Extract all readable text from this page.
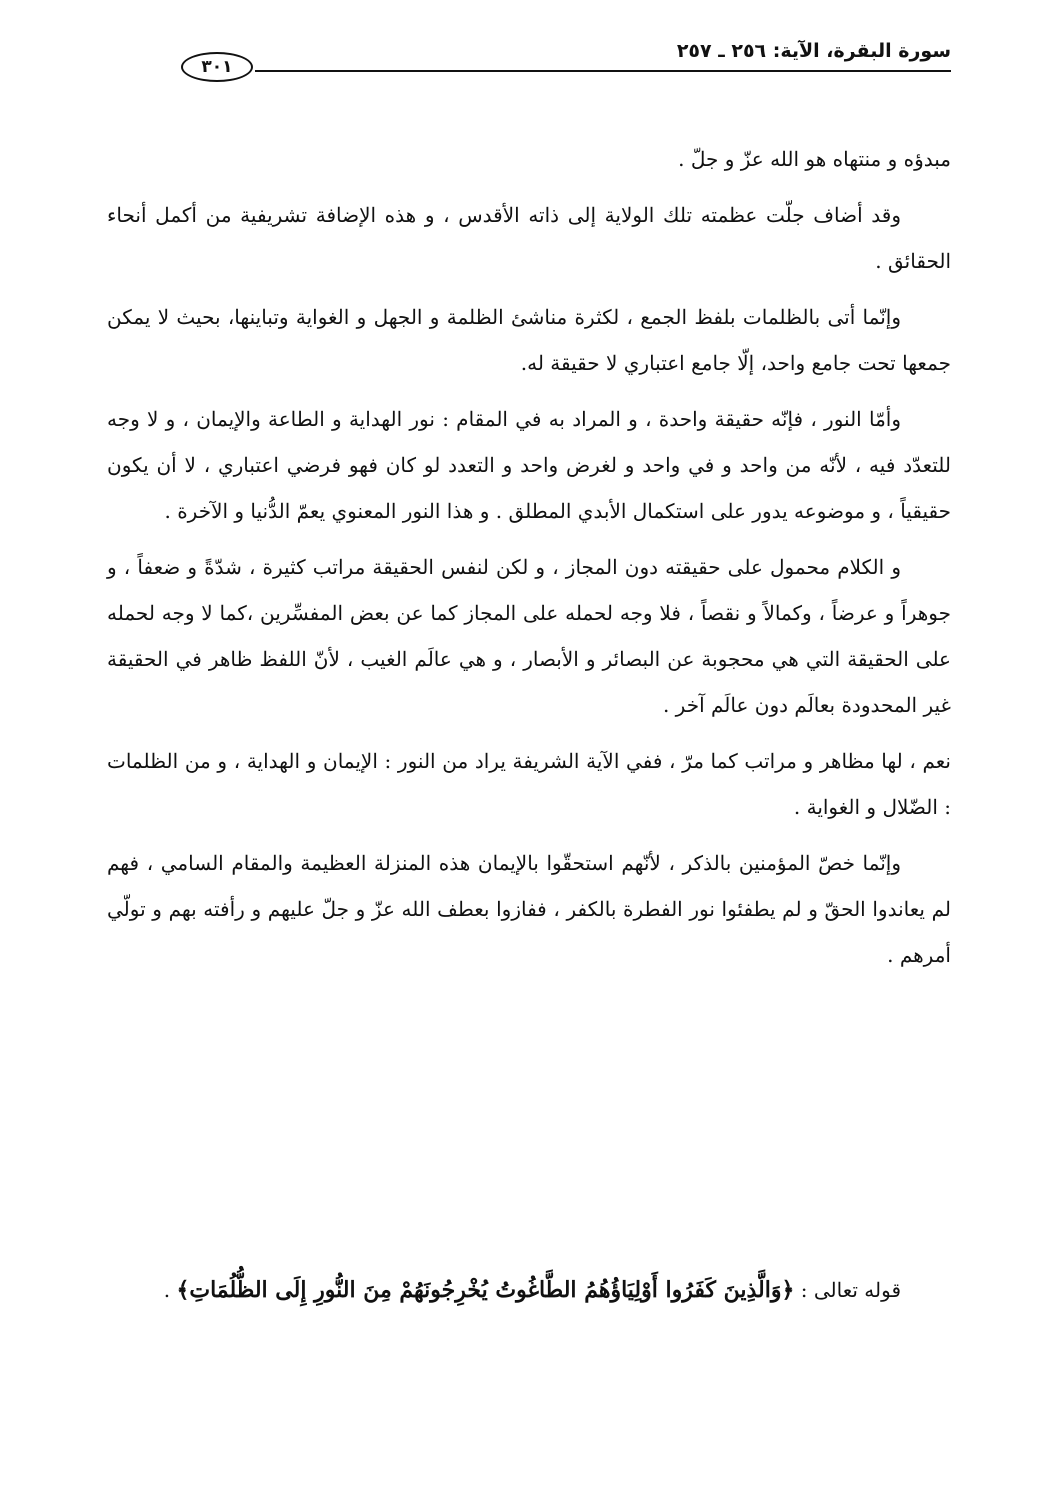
سورة البقرة، الآية: ٢٥٦ ـ ٢٥٧
٣٠١

مبدؤه و منتهاه هو الله عزّ و جلّ .

وقد أضاف جلّت عظمته تلك الولاية إلى ذاته الأقدس ، و هذه الإضافة تشريفية من أكمل أنحاء الحقائق .

وإنّما أتى بالظلمات بلفظ الجمع ، لكثرة مناشئ الظلمة و الجهل و الغواية وتباينها، بحيث لا يمكن جمعها تحت جامع واحد، إلّا جامع اعتباري لا حقيقة له.

وأمّا النور ، فإنّه حقيقة واحدة ، و المراد به في المقام : نور الهداية و الطاعة والإيمان ، و لا وجه للتعدّد فيه ، لأنّه من واحد و في واحد و لغرض واحد و التعدد لو كان فهو فرضي اعتباري ، لا أن يكون حقيقياً ، و موضوعه يدور على استكمال الأبدي المطلق . و هذا النور المعنوي يعمّ الدُّنيا و الآخرة .

و الكلام محمول على حقيقته دون المجاز ، و لكن لنفس الحقيقة مراتب كثيرة ، شدّةً و ضعفاً ، و جوهراً و عرضاً ، وكمالاً و نقصاً ، فلا وجه لحمله على المجاز كما عن بعض المفسِّرين ،كما لا وجه لحمله على الحقيقة التي هي محجوبة عن البصائر و الأبصار ، و هي عالَم الغيب ، لأنّ اللفظ ظاهر في الحقيقة غير المحدودة بعالَم دون عالَم آخر .

نعم ، لها مظاهر و مراتب كما مرّ ، ففي الآية الشريفة يراد من النور : الإيمان و الهداية ، و من الظلمات : الضّلال و الغواية .

وإنّما خصّ المؤمنين بالذكر ، لأنّهم استحقّوا بالإيمان هذه المنزلة العظيمة والمقام السامي ، فهم لم يعاندوا الحقّ و لم يطفئوا نور الفطرة بالكفر ، ففازوا بعطف الله عزّ و جلّ عليهم و رأفته بهم و تولّي أمرهم .

قوله تعالى : ﴿وَالَّذِينَ كَفَرُوا أَوْلِيَاؤُهُمُ الطَّاغُوتُ يُخْرِجُونَهُمْ مِنَ النُّورِ إِلَى الظُّلُمَاتِ﴾ .
